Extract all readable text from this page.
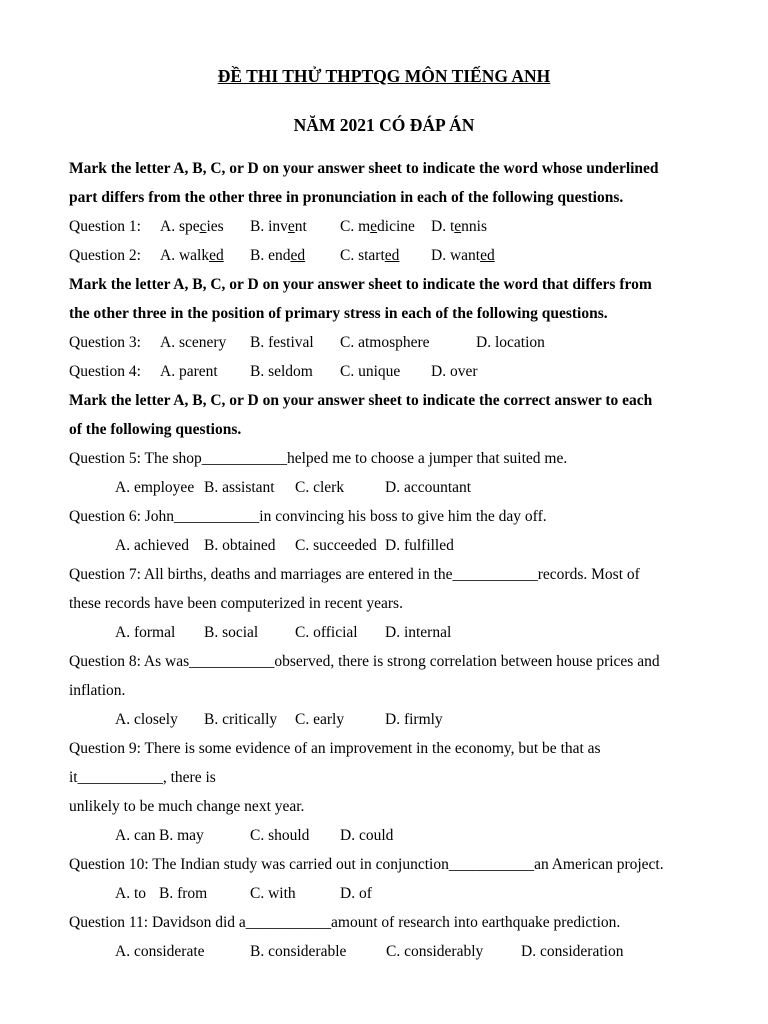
ĐỀ THI THỬ THPTQG MÔN TIẾNG ANH
NĂM 2021 CÓ ĐÁP ÁN
Mark the letter A, B, C, or D on your answer sheet to indicate the word whose underlined
part differs from the other three in pronunciation in each of the following questions.
Question 1: A. species B. invent C. medicine D. tennis
Question 2: A. walked B. ended C. started D. wanted
Mark the letter A, B, C, or D on your answer sheet to indicate the word that differs from
the other three in the position of primary stress in each of the following questions.
Question 3: A. scenery B. festival C. atmosphere	D. location
Question 4: A. parent B. seldom C. unique D. over
Mark the letter A, B, C, or D on your answer sheet to indicate the correct answer to each
of the following questions.
Question 5: The shop___________helped me to choose a jumper that suited me.
A. employee B. assistant C. clerk	D. accountant
Question 6: John___________in convincing his boss to give him the day off.
A. achieved B. obtained C. succeeded D. fulfilled
Question 7: All births, deaths and marriages are entered in the___________records. Most of
these records have been computerized in recent years.
A. formal B. social C. official D. internal
Question 8: As was___________observed, there is strong correlation between house prices and
inflation.
A. closely B. critically C. early	D. firmly
Question 9: There is some evidence of an improvement in the economy, but be that as
it___________, there is
unlikely to be much change next year.
A. can B. may	C. should D. could
Question 10: The Indian study was carried out in conjunction___________an American project.
A. to B. from	C. with	D. of
Question 11: Davidson did a___________amount of research into earthquake prediction.
A. considerate	B. considerable	C. considerably D. consideration
